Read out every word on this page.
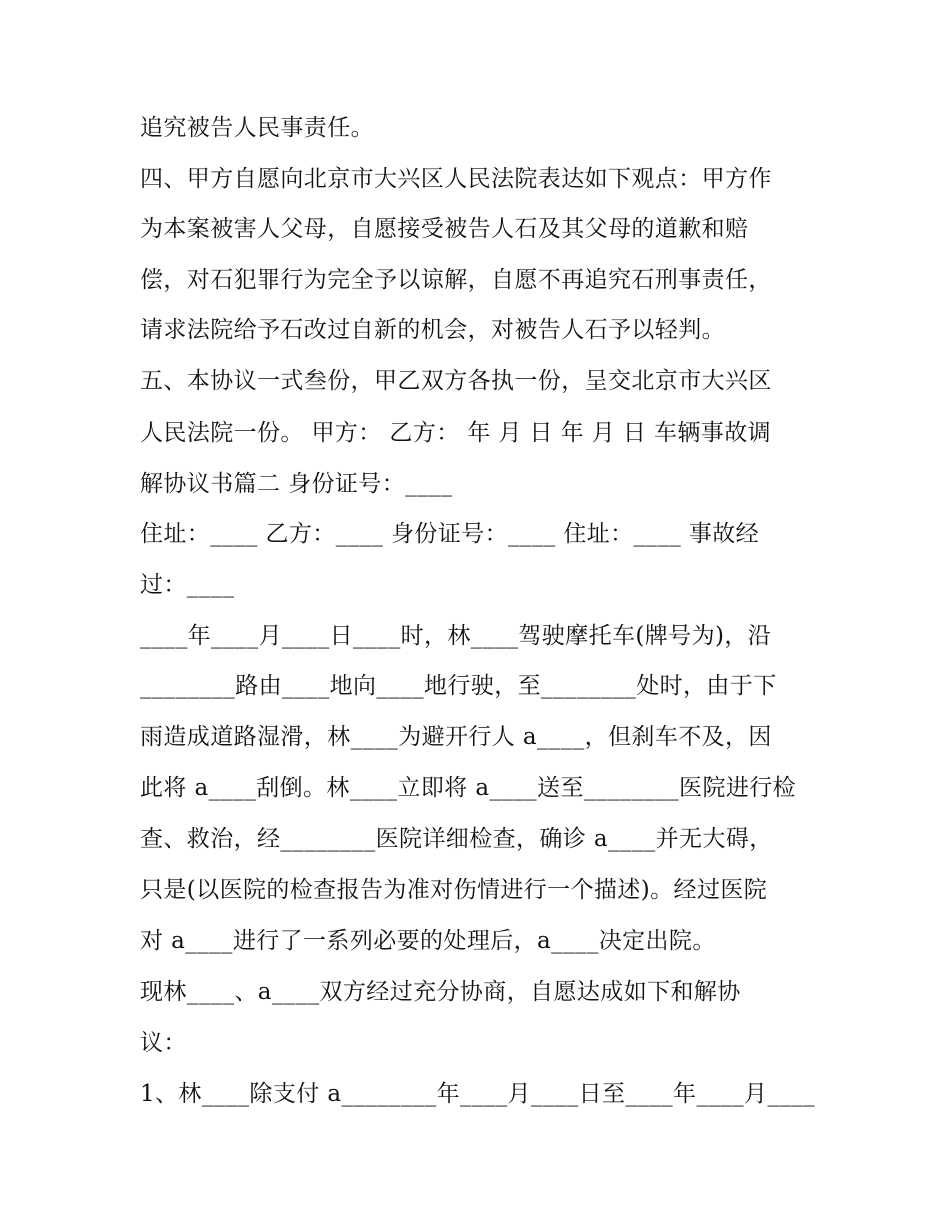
追究被告人民事责任。
四、甲方自愿向北京市大兴区人民法院表达如下观点：甲方作
为本案被害人父母，自愿接受被告人石及其父母的道歉和赔
偿，对石犯罪行为完全予以谅解，自愿不再追究石刑事责任，
请求法院给予石改过自新的机会，对被告人石予以轻判。
五、本协议一式叁份，甲乙双方各执一份，呈交北京市大兴区
人民法院一份。 甲方： 乙方： 年 月 日 年 月 日 车辆事故调
解协议书篇二 身份证号：____
住址：____ 乙方：____ 身份证号：____ 住址：____ 事故经
过：____
____年____月____日____时，林____驾驶摩托车(牌号为)，沿
________路由____地向____地行驶，至________处时，由于下
雨造成道路湿滑，林____为避开行人 a____，但刹车不及，因
此将 a____刮倒。林____立即将 a____送至________医院进行检
查、救治，经________医院详细检查，确诊 a____并无大碍，
只是(以医院的检查报告为准对伤情进行一个描述)。经过医院
对 a____进行了一系列必要的处理后，a____决定出院。
现林____、a____双方经过充分协商，自愿达成如下和解协
议：
1、林____除支付 a________年____月____日至____年____月____
